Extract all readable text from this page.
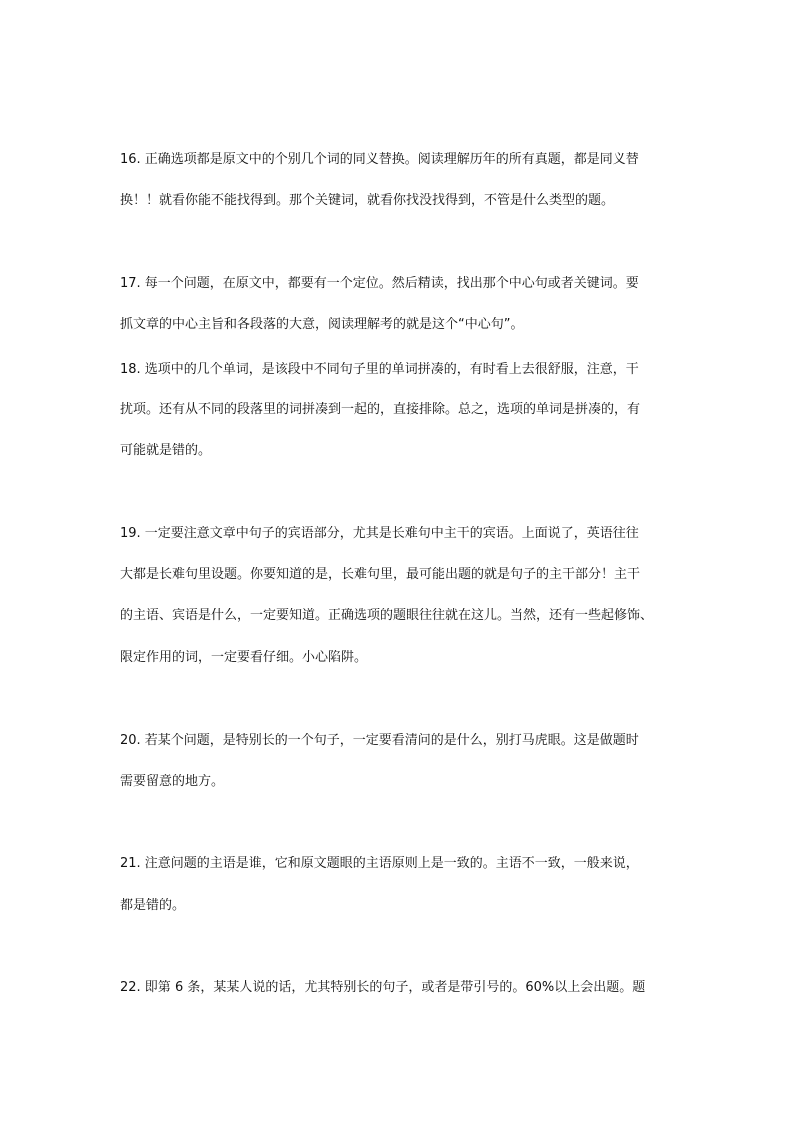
16. 正确选项都是原文中的个别几个词的同义替换。阅读理解历年的所有真题，都是同义替
换！！就看你能不能找得到。那个关键词，就看你找没找得到，不管是什么类型的题。
17. 每一个问题，在原文中，都要有一个定位。然后精读，找出那个中心句或者关键词。要
抓文章的中心主旨和各段落的大意，阅读理解考的就是这个“中心句”。
18. 选项中的几个单词，是该段中不同句子里的单词拼凑的，有时看上去很舒服，注意，干
扰项。还有从不同的段落里的词拼凑到一起的，直接排除。总之，选项的单词是拼凑的，有
可能就是错的。
19. 一定要注意文章中句子的宾语部分，尤其是长难句中主干的宾语。上面说了，英语往往
大都是长难句里设题。你要知道的是，长难句里，最可能出题的就是句子的主干部分！主干
的主语、宾语是什么，一定要知道。正确选项的题眼往往就在这儿。当然，还有一些起修饰、
限定作用的词，一定要看仔细。小心陷阱。
20. 若某个问题，是特别长的一个句子，一定要看清问的是什么，别打马虎眼。这是做题时
需要留意的地方。
21. 注意问题的主语是谁，它和原文题眼的主语原则上是一致的。主语不一致，一般来说，
都是错的。
22. 即第 6 条，某某人说的话，尤其特别长的句子，或者是带引号的。60%以上会出题。题
